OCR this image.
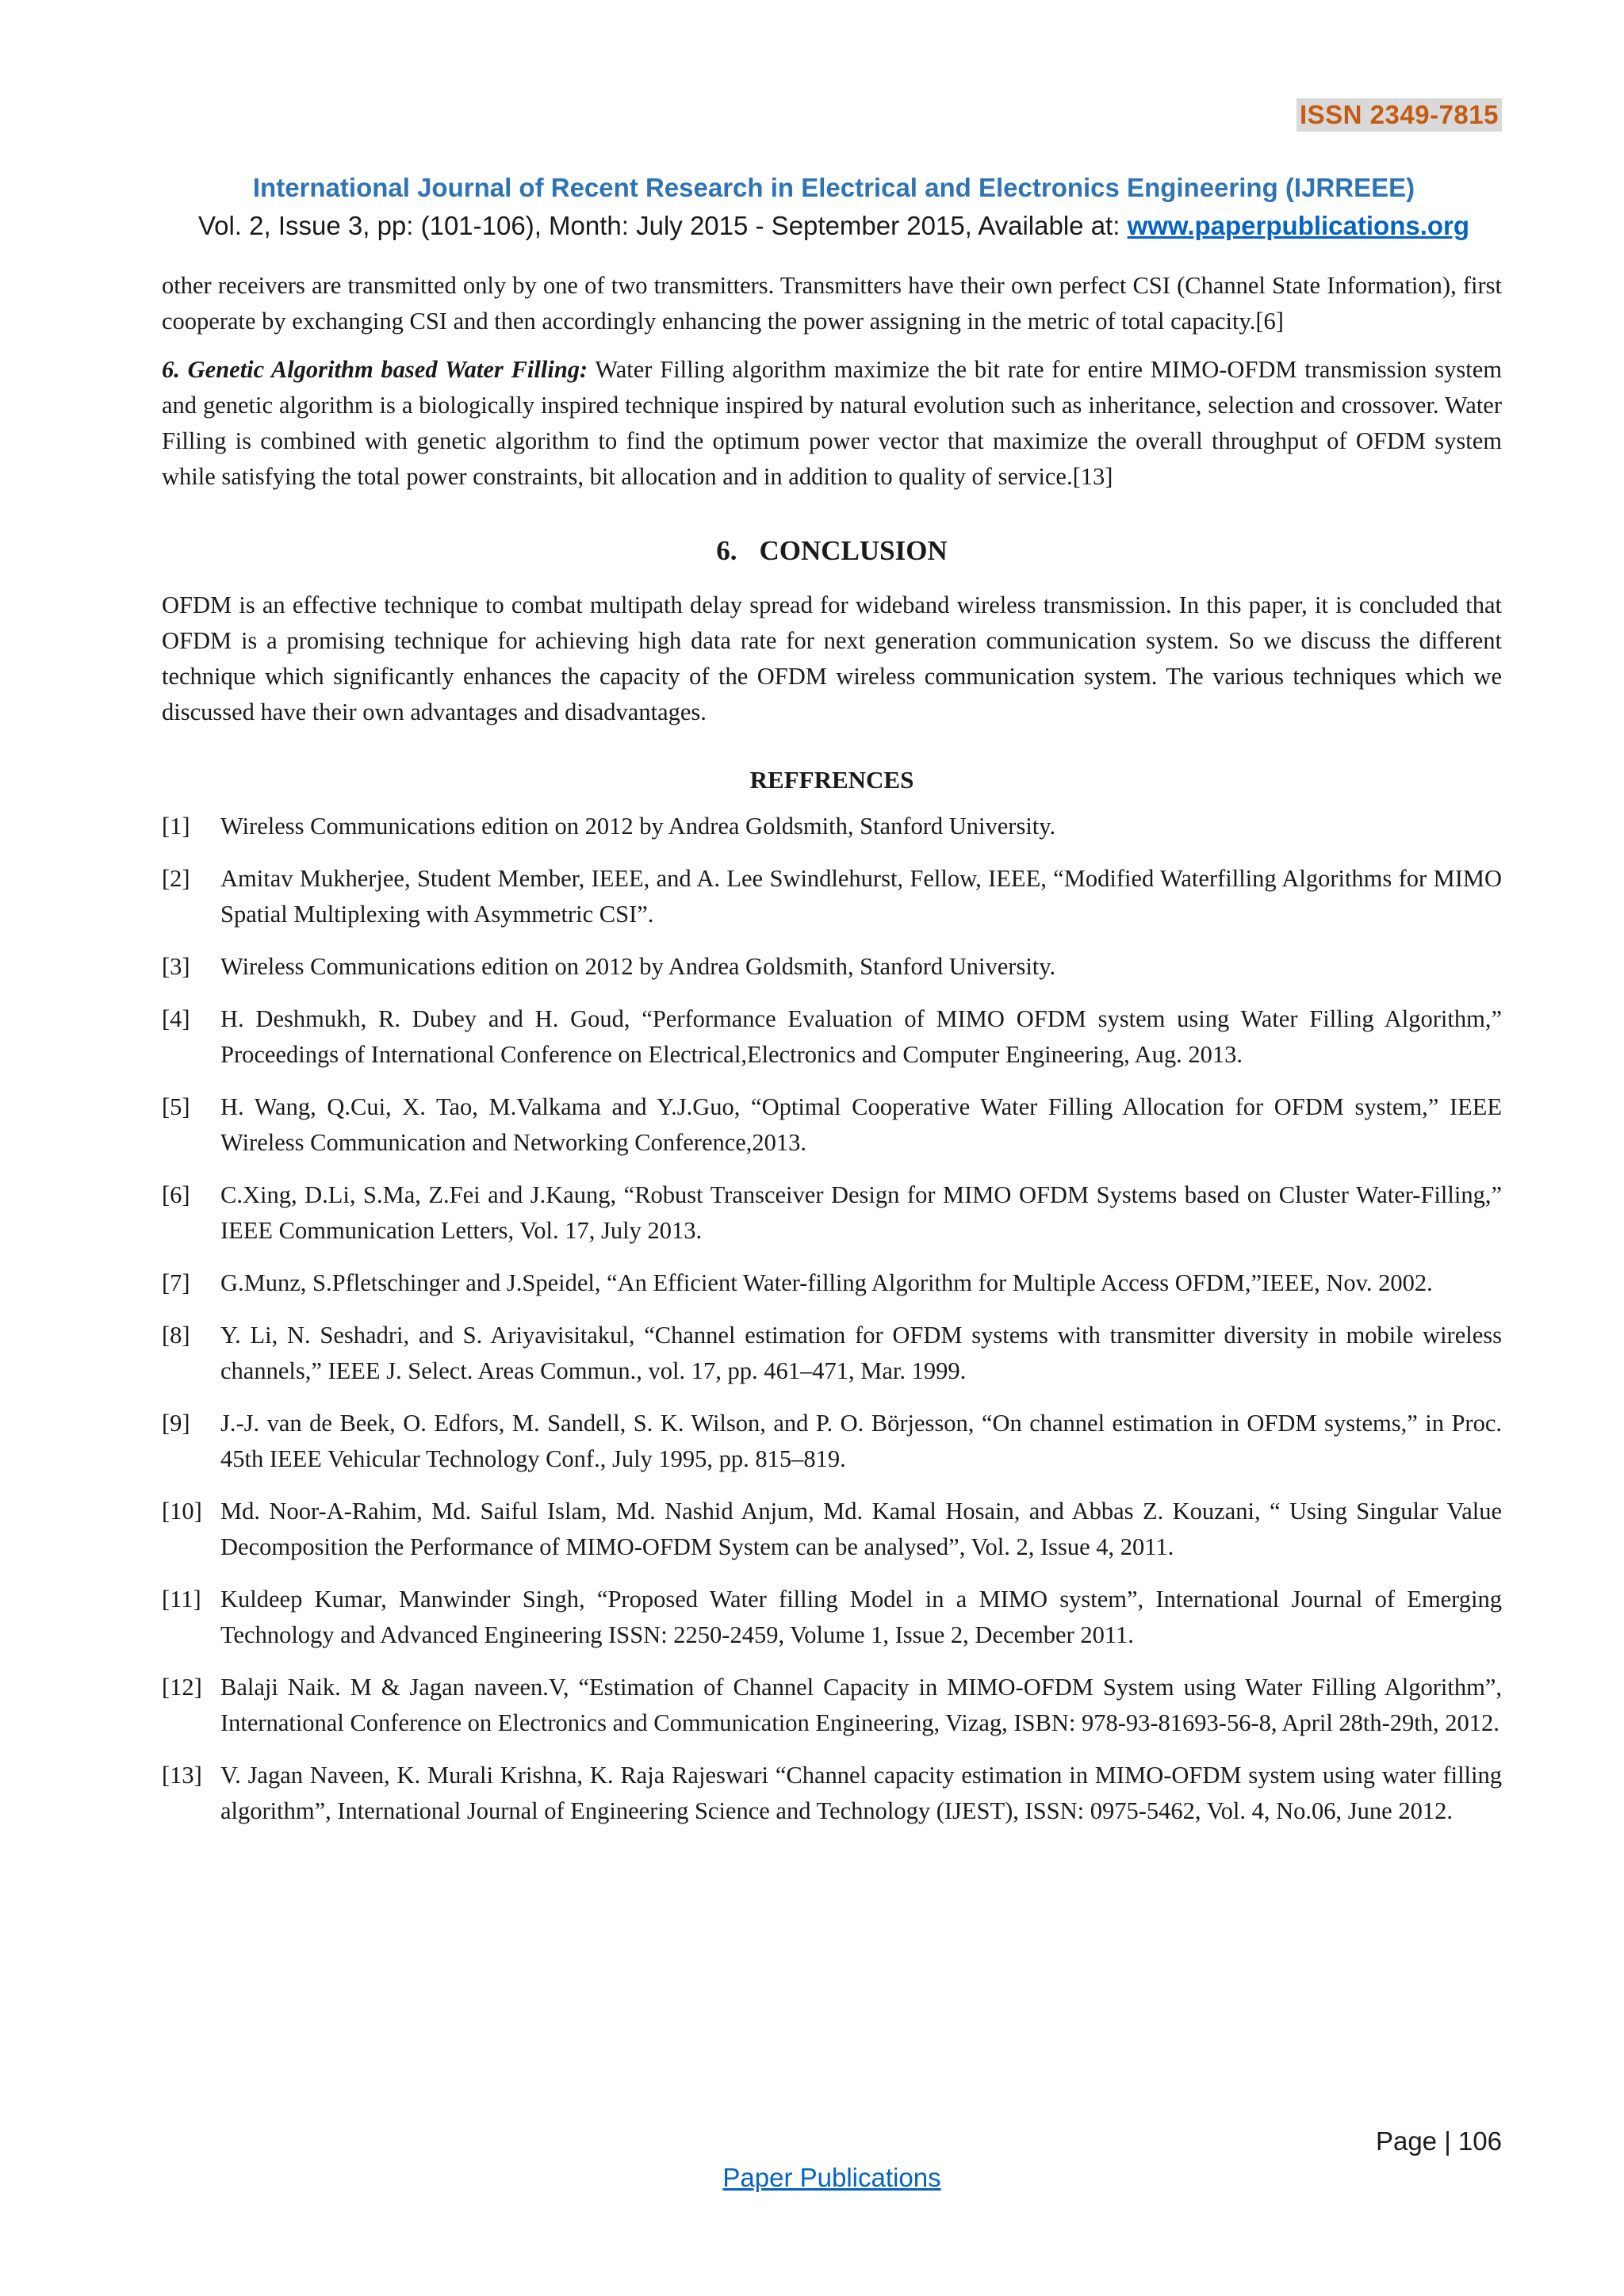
ISSN 2349-7815
International Journal of Recent Research in Electrical and Electronics Engineering (IJRREEE)
Vol. 2, Issue 3, pp: (101-106), Month: July 2015 - September 2015, Available at: www.paperpublications.org

other receivers are transmitted only by one of two transmitters. Transmitters have their own perfect CSI (Channel State Information), first cooperate by exchanging CSI and then accordingly enhancing the power assigning in the metric of total capacity.[6]

6. Genetic Algorithm based Water Filling: Water Filling algorithm maximize the bit rate for entire MIMO-OFDM transmission system and genetic algorithm is a biologically inspired technique inspired by natural evolution such as inheritance, selection and crossover. Water Filling is combined with genetic algorithm to find the optimum power vector that maximize the overall throughput of OFDM system while satisfying the total power constraints, bit allocation and in addition to quality of service.[13]

6. CONCLUSION

OFDM is an effective technique to combat multipath delay spread for wideband wireless transmission. In this paper, it is concluded that OFDM is a promising technique for achieving high data rate for next generation communication system. So we discuss the different technique which significantly enhances the capacity of the OFDM wireless communication system. The various techniques which we discussed have their own advantages and disadvantages.

REFFRENCES
[1]	Wireless Communications edition on 2012 by Andrea Goldsmith, Stanford University.
[2]	Amitav Mukherjee, Student Member, IEEE, and A. Lee Swindlehurst, Fellow, IEEE, “Modified Waterfilling Algorithms for MIMO Spatial Multiplexing with Asymmetric CSI”.
[3]	Wireless Communications edition on 2012 by Andrea Goldsmith, Stanford University.
[4]	H. Deshmukh, R. Dubey and H. Goud, “Performance Evaluation of MIMO OFDM system using Water Filling Algorithm,” Proceedings of International Conference on Electrical,Electronics and Computer Engineering, Aug. 2013.
[5]	H. Wang, Q.Cui, X. Tao, M.Valkama and Y.J.Guo, “Optimal Cooperative Water Filling Allocation for OFDM system,” IEEE Wireless Communication and Networking Conference,2013.
[6]	C.Xing, D.Li, S.Ma, Z.Fei and J.Kaung, “Robust Transceiver Design for MIMO OFDM Systems based on Cluster Water-Filling,” IEEE Communication Letters, Vol. 17, July 2013.
[7]	G.Munz, S.Pfletschinger and J.Speidel, “An Efficient Water-filling Algorithm for Multiple Access OFDM,”IEEE, Nov. 2002.
[8]	Y. Li, N. Seshadri, and S. Ariyavisitakul, “Channel estimation for OFDM systems with transmitter diversity in mobile wireless channels,” IEEE J. Select. Areas Commun., vol. 17, pp. 461–471, Mar. 1999.
[9]	J.-J. van de Beek, O. Edfors, M. Sandell, S. K. Wilson, and P. O. Börjesson, “On channel estimation in OFDM systems,” in Proc. 45th IEEE Vehicular Technology Conf., July 1995, pp. 815–819.
[10] Md. Noor-A-Rahim, Md. Saiful Islam, Md. Nashid Anjum, Md. Kamal Hosain, and Abbas Z. Kouzani, “ Using Singular Value Decomposition the Performance of MIMO-OFDM System can be analysed”, Vol. 2, Issue 4, 2011.
[11] Kuldeep Kumar, Manwinder Singh, “Proposed Water filling Model in a MIMO system”, International Journal of Emerging Technology and Advanced Engineering ISSN: 2250-2459, Volume 1, Issue 2, December 2011.
[12] Balaji Naik. M & Jagan naveen.V, “Estimation of Channel Capacity in MIMO-OFDM System using Water Filling Algorithm”, International Conference on Electronics and Communication Engineering, Vizag, ISBN: 978-93-81693-56-8, April 28th-29th, 2012.
[13] V. Jagan Naveen, K. Murali Krishna, K. Raja Rajeswari “Channel capacity estimation in MIMO-OFDM system using water filling algorithm”, International Journal of Engineering Science and Technology (IJEST), ISSN: 0975-5462, Vol. 4, No.06, June 2012.
Page | 106
Paper Publications
